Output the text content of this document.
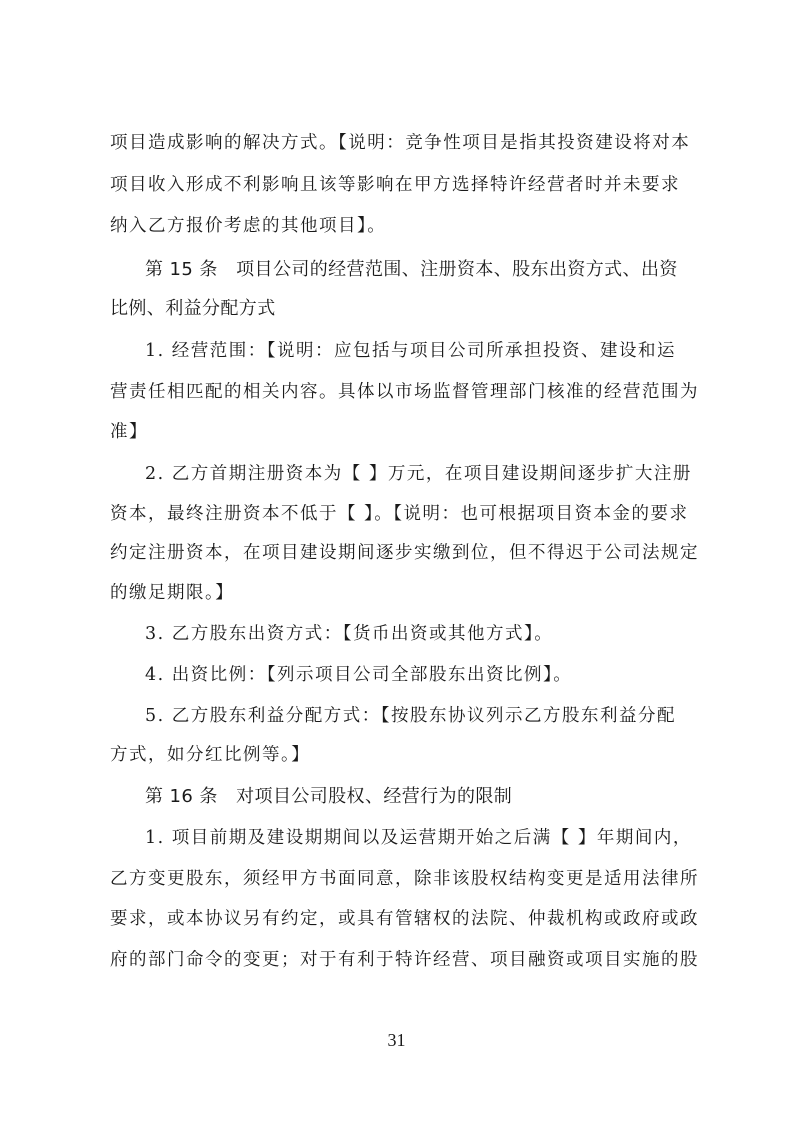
项目造成影响的解决方式。【说明：竞争性项目是指其投资建设将对本
项目收入形成不利影响且该等影响在甲方选择特许经营者时并未要求
纳入乙方报价考虑的其他项目】。
第 15 条　项目公司的经营范围、注册资本、股东出资方式、出资
比例、利益分配方式
1. 经营范围：【说明：应包括与项目公司所承担投资、建设和运
营责任相匹配的相关内容。具体以市场监督管理部门核准的经营范围为
准】
2. 乙方首期注册资本为【 】万元，在项目建设期间逐步扩大注册
资本，最终注册资本不低于【 】。【说明：也可根据项目资本金的要求
约定注册资本，在项目建设期间逐步实缴到位，但不得迟于公司法规定
的缴足期限。】
3. 乙方股东出资方式：【货币出资或其他方式】。
4. 出资比例：【列示项目公司全部股东出资比例】。
5. 乙方股东利益分配方式：【按股东协议列示乙方股东利益分配
方式，如分红比例等。】
第 16 条　对项目公司股权、经营行为的限制
1. 项目前期及建设期期间以及运营期开始之后满【 】年期间内，
乙方变更股东，须经甲方书面同意，除非该股权结构变更是适用法律所
要求，或本协议另有约定，或具有管辖权的法院、仲裁机构或政府或政
府的部门命令的变更；对于有利于特许经营、项目融资或项目实施的股
31
